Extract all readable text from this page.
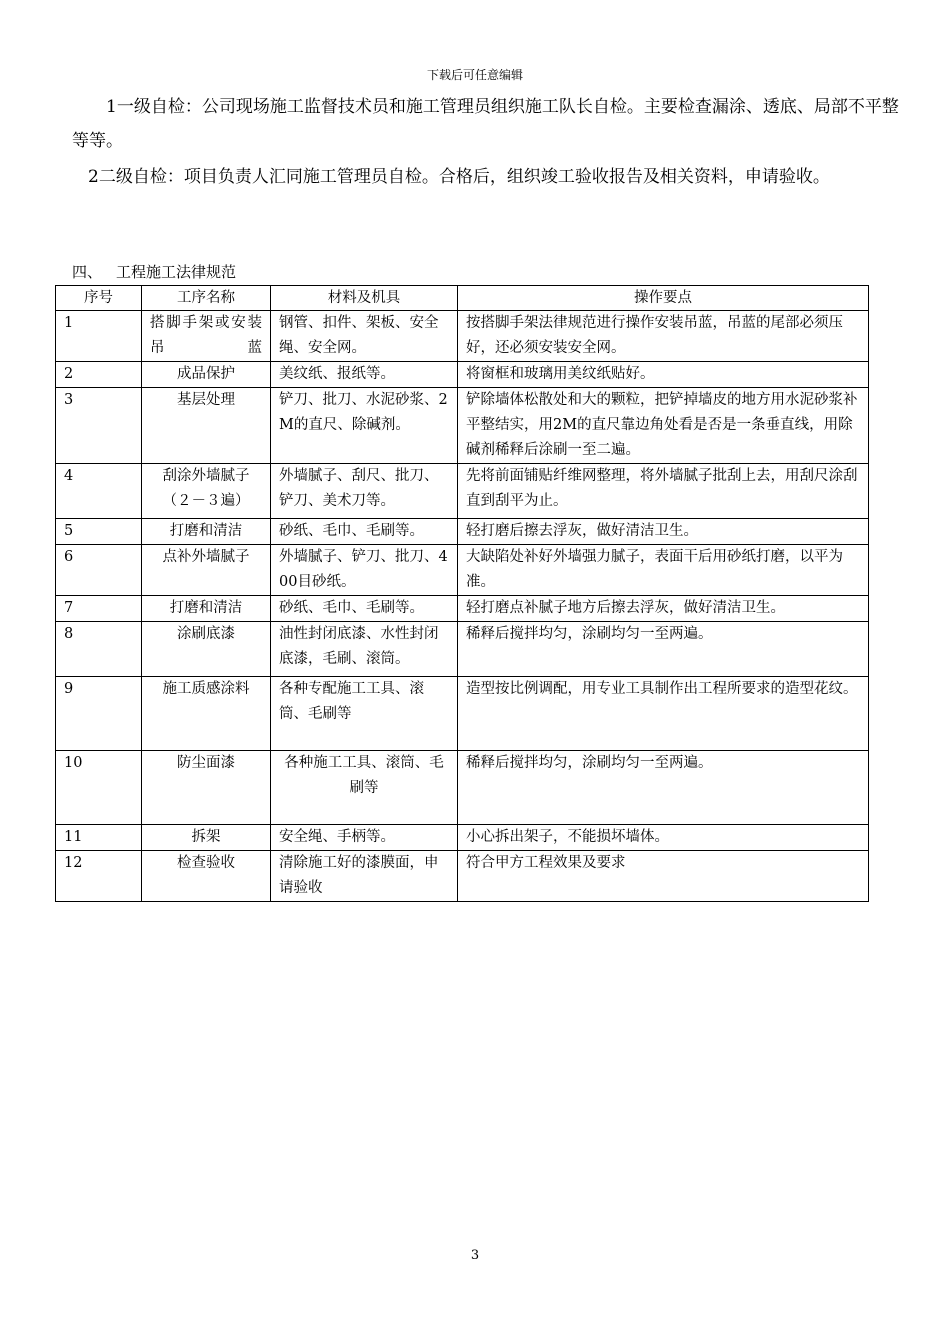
下载后可任意编辑

1一级自检：公司现场施工监督技术员和施工管理员组织施工队长自检。主要检查漏涂、透底、局部不平整等等。

2二级自检：项目负责人汇同施工管理员自检。合格后，组织竣工验收报告及相关资料，申请验收。

四、 工程施工法律规范
序号	工序名称	材料及机具	操作要点
1	搭脚手架或安装吊蓝	钢管、扣件、架板、安全绳、安全网。	按搭脚手架法律规范进行操作安装吊蓝，吊蓝的尾部必须压好，还必须安装安全网。
2	成品保护	美纹纸、报纸等。	将窗框和玻璃用美纹纸贴好。
3	基层处理	铲刀、批刀、水泥砂浆、2M的直尺、除碱剂。	铲除墙体松散处和大的颗粒，把铲掉墙皮的地方用水泥砂浆补平整结实，用2M的直尺靠边角处看是否是一条垂直线，用除碱剂稀释后涂刷一至二遍。
4	刮涂外墙腻子（２－３遍）	外墙腻子、刮尺、批刀、铲刀、美术刀等。	先将前面铺贴纤维网整理，将外墙腻子批刮上去，用刮尺涂刮直到刮平为止。
5	打磨和清洁	砂纸、毛巾、毛刷等。	轻打磨后擦去浮灰，做好清洁卫生。
6	点补外墙腻子	外墙腻子、铲刀、批刀、400目砂纸。	大缺陷处补好外墙强力腻子，表面干后用砂纸打磨，以平为准。
7	打磨和清洁	砂纸、毛巾、毛刷等。	轻打磨点补腻子地方后擦去浮灰，做好清洁卫生。
8	涂刷底漆	油性封闭底漆、水性封闭底漆，毛刷、滚筒。	稀释后搅拌均匀，涂刷均匀一至两遍。
9	施工质感涂料	各种专配施工工具、滚筒、毛刷等	造型按比例调配，用专业工具制作出工程所要求的造型花纹。
10	防尘面漆	各种施工工具、滚筒、毛刷等	稀释后搅拌均匀，涂刷均匀一至两遍。
11	拆架	安全绳、手柄等。	小心拆出架子，不能损坏墙体。
12	检查验收	清除施工好的漆膜面，申请验收	符合甲方工程效果及要求
3
